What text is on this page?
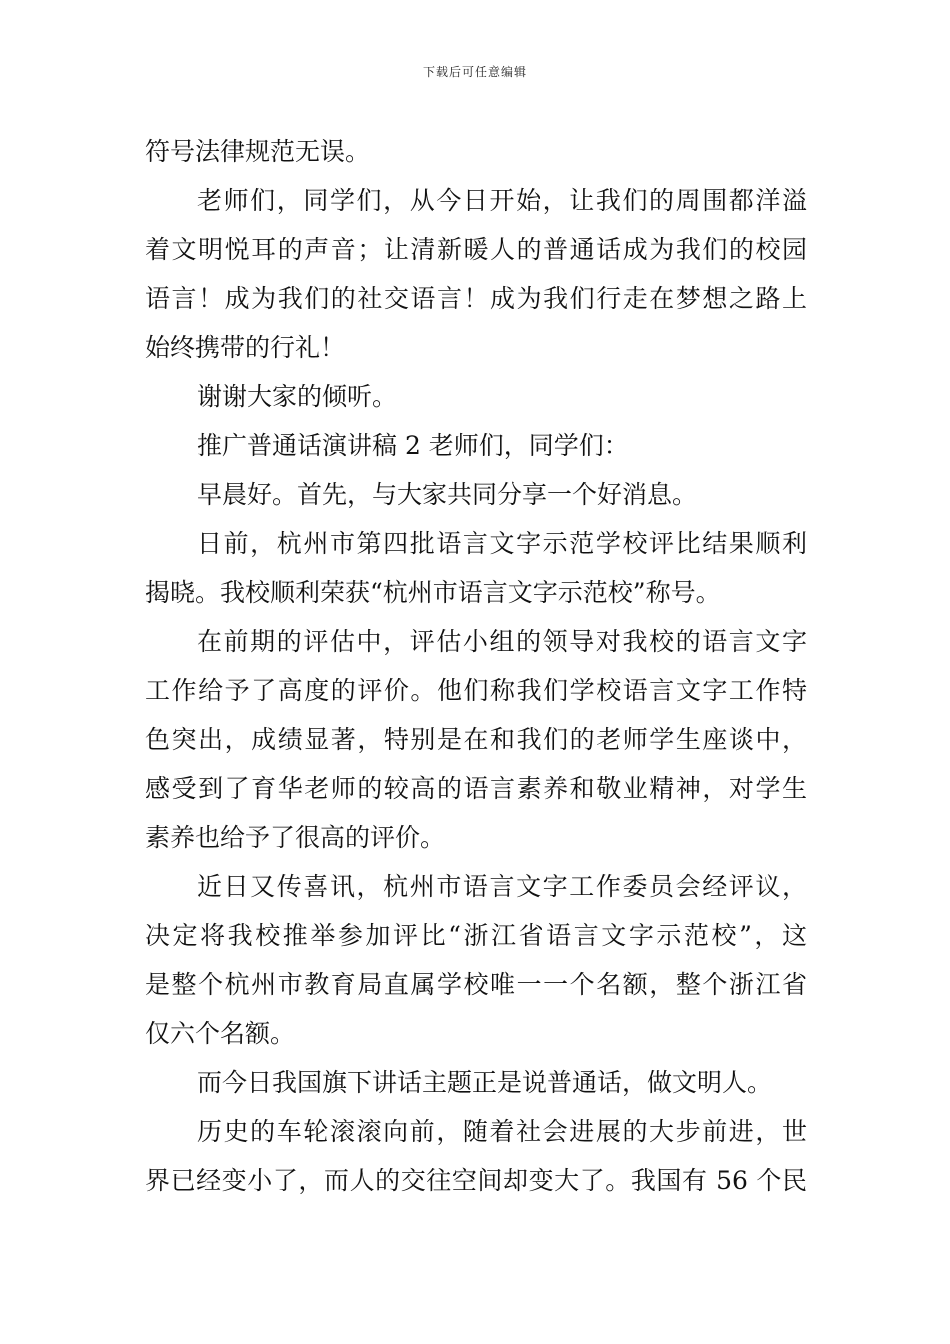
下载后可任意编辑
符号法律规范无误。
老师们，同学们，从今日开始，让我们的周围都洋溢
着文明悦耳的声音；让清新暖人的普通话成为我们的校园
语言！成为我们的社交语言！成为我们行走在梦想之路上
始终携带的行礼！
谢谢大家的倾听。
推广普通话演讲稿 2 老师们，同学们：
早晨好。首先，与大家共同分享一个好消息。
日前，杭州市第四批语言文字示范学校评比结果顺利
揭晓。我校顺利荣获“杭州市语言文字示范校”称号。
在前期的评估中，评估小组的领导对我校的语言文字
工作给予了高度的评价。他们称我们学校语言文字工作特
色突出，成绩显著，特别是在和我们的老师学生座谈中，
感受到了育华老师的较高的语言素养和敬业精神，对学生
素养也给予了很高的评价。
近日又传喜讯，杭州市语言文字工作委员会经评议，
决定将我校推举参加评比“浙江省语言文字示范校”，这
是整个杭州市教育局直属学校唯一一个名额，整个浙江省
仅六个名额。
而今日我国旗下讲话主题正是说普通话，做文明人。
历史的车轮滚滚向前，随着社会进展的大步前进，世
界已经变小了，而人的交往空间却变大了。我国有 56 个民
